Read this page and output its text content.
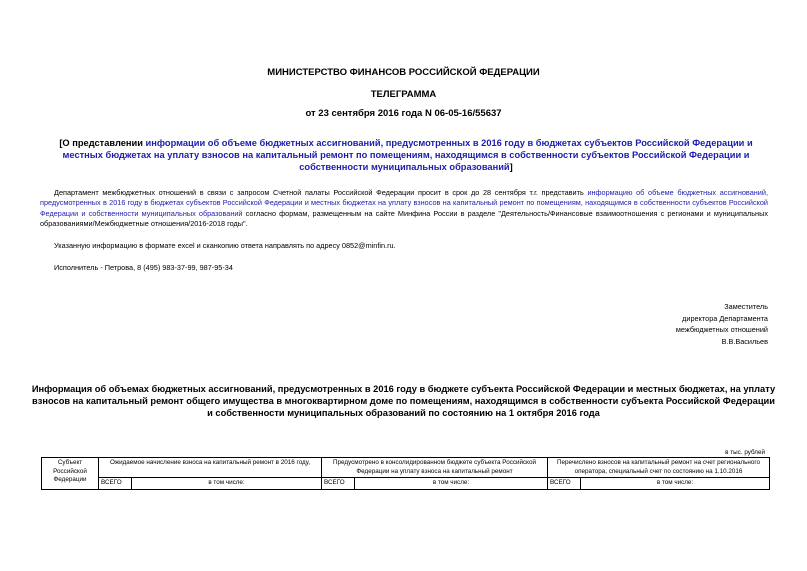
МИНИСТЕРСТВО ФИНАНСОВ РОССИЙСКОЙ ФЕДЕРАЦИИ
ТЕЛЕГРАММА
от 23 сентября 2016 года N 06-05-16/55637
[О представлении информации об объеме бюджетных ассигнований, предусмотренных в 2016 году в бюджетах субъектов Российской Федерации и местных бюджетах на уплату взносов на капитальный ремонт по помещениям, находящимся в собственности субъектов Российской Федерации и собственности муниципальных образований]
Департамент межбюджетных отношений в связи с запросом Счетной палаты Российской Федерации просит в срок до 28 сентября т.г. представить информацию об объеме бюджетных ассигнований, предусмотренных в 2016 году в бюджетах субъектов Российской Федерации и местных бюджетах на уплату взносов на капитальный ремонт по помещениям, находящимся в собственности субъектов Российской Федерации и собственности муниципальных образований согласно формам, размещенным на сайте Минфина России в разделе "Деятельность/Финансовые взаимоотношения с регионами и муниципальных образованиями/Межбюджетные отношения/2016-2018 годы".
Указанную информацию в формате excel и сканкопию ответа направлять по адресу 0852@minfin.ru.
Исполнитель - Петрова, 8 (495) 983-37-99, 987-95-34
Заместитель
директора Департамента
межбюджетных отношений
В.В.Васильев
Информация об объемах бюджетных ассигнований, предусмотренных в 2016 году в бюджете субъекта Российской Федерации и местных бюджетах, на уплату взносов на капитальный ремонт общего имущества в многоквартирном доме по помещениям, находящимся в собственности субъекта Российской Федерации и собственности муниципальных образований по состоянию на 1 октября 2016 года
в тыс. рублей
Субъект Российской Федерации	Ожидаемое начисление взноса на капитальный ремонт в 2016 году,		Предусмотрено в консолидированном бюджете субъекта Российской Федерации на уплату взноса на капитальный ремонт		Перечислено взносов на капитальный ремонт на счет регионального оператора, специальный счет по состоянию на 1.10.2016	
	ВСЕГО	в том числе:	ВСЕГО	в том числе:	ВСЕГО	в том числе:
